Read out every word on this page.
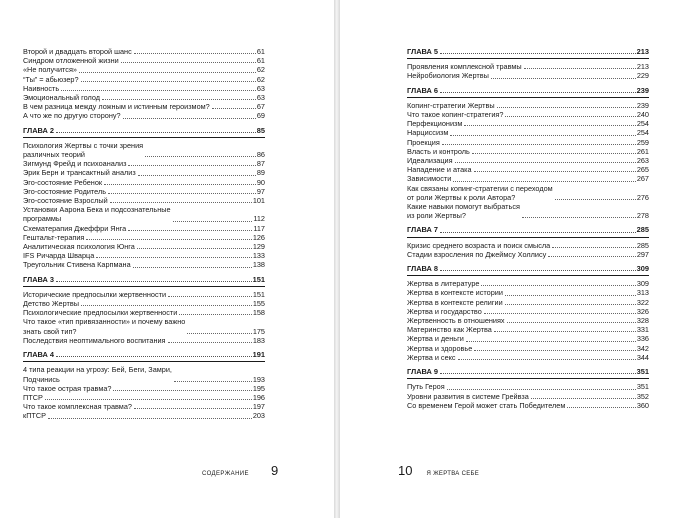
Второй и двадцать второй шанс	61
Синдром отложенной жизни	61
«Не получится»	62
“Ты” = абьюзер?	62
Наивность	63
Эмоциональный голод	63
В чем разница между ложным и истинным героизмом?	67
А что же по другую сторону?	69
ГЛАВА 2	85
Психология Жертвы с точки зрения
различных теорий	86
Зигмунд Фрейд и психоанализ	87
Эрик Берн и трансактный анализ	89
Эго-состояние Ребенок	90
Эго-состояние Родитель	97
Эго-состояние Взрослый	101
Установки Аарона Бека и подсознательные
программы	112
Схематерапия Джеффри Янга	117
Гештальт-терапия	126
Аналитическая психология Юнга	129
IFS Ричарда Шварца	133
Треугольник Стивена Карпмана	138
ГЛАВА 3	151
Исторические предпосылки жертвенности	151
Детство Жертвы	155
Психологические предпосылки жертвенности	158
Что такое «тип привязанности» и почему важно
знать свой тип?	175
Последствия неоптимального воспитания	183
ГЛАВА 4	191
4 типа реакции на угрозу: Бей, Беги, Замри,
Подчинись	193
Что такое острая травма?	195
ПТСР	196
Что такое комплексная травма?	197
кПТСР	203
СОДЕРЖАНИЕ 9
ГЛАВА 5	213
Проявления комплексной травмы	213
Нейробиология Жертвы	229
ГЛАВА 6	239
Копинг-стратегии Жертвы	239
Что такое копинг-стратегия?	240
Перфекционизм	254
Нарциссизм	254
Проекция	259
Власть и контроль	261
Идеализация	263
Нападение и атака	265
Зависимости	267
Как связаны копинг-стратегии с переходом
от роли Жертвы к роли Автора?	276
Какие навыки помогут выбраться
из роли Жертвы?	278
ГЛАВА 7	285
Кризис среднего возраста и поиск смысла	285
Стадии взросления по Джеймсу Холлису	297
ГЛАВА 8	309
Жертва в литературе	309
Жертва в контексте истории	313
Жертва в контексте религии	322
Жертва и государство	326
Жертвенность в отношениях	328
Материнство как Жертва	331
Жертва и деньги	336
Жертва и здоровье	342
Жертва и секс	344
ГЛАВА 9	351
Путь Героя	351
Уровни развития в системе Грейвза	352
Со временем Герой может стать Победителем	360
10 Я ЖЕРТВА СЕБЕ
